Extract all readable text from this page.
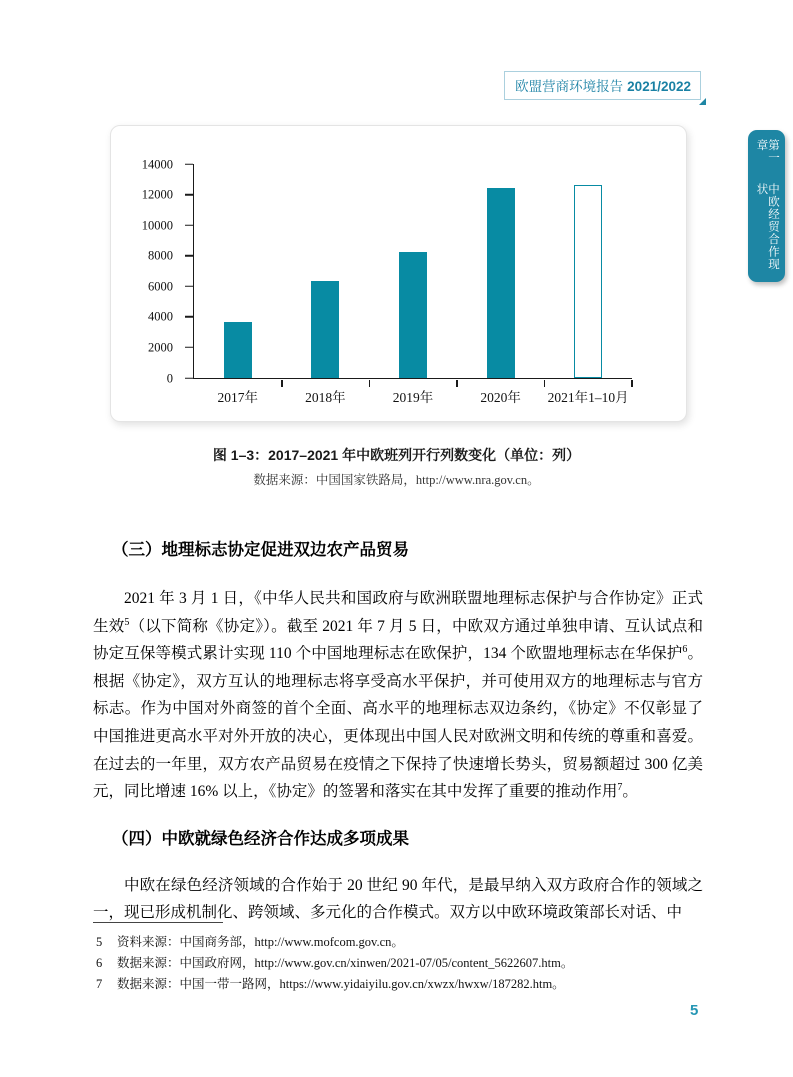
欧盟营商环境报告 2021/2022
第一章
中欧经贸合作现状
2017年	2018年	2019年	2020年 2021年1–10月
0
2000
4000
6000
8000
10000
12000
14000
图 1–3：2017–2021 年中欧班列开行列数变化（单位：列）
数据来源：中国国家铁路局，http://www.nra.gov.cn。
（三）地理标志协定促进双边农产品贸易

2021 年 3 月 1 日，《中华人民共和国政府与欧洲联盟地理标志保护与合作协定》正式生效$^5$（以下简称《协定》）。截至 2021 年 7 月 5 日，中欧双方通过单独申请、互认试点和协定互保等模式累计实现 110 个中国地理标志在欧保护，134 个欧盟地理标志在华保护$^6$。根据《协定》，双方互认的地理标志将享受高水平保护，并可使用双方的地理标志与官方标志。作为中国对外商签的首个全面、高水平的地理标志双边条约，《协定》不仅彰显了中国推进更高水平对外开放的决心，更体现出中国人民对欧洲文明和传统的尊重和喜爱。在过去的一年里，双方农产品贸易在疫情之下保持了快速增长势头，贸易额超过 300 亿美元，同比增速 16% 以上，《协定》的签署和落实在其中发挥了重要的推动作用$^7$。

（四）中欧就绿色经济合作达成多项成果

中欧在绿色经济领域的合作始于 20 世纪 90 年代，是最早纳入双方政府合作的领域之一，现已形成机制化、跨领域、多元化的合作模式。双方以中欧环境政策部长对话、中

5	资料来源：中国商务部，http://www.mofcom.gov.cn。
6	数据来源：中国政府网，http://www.gov.cn/xinwen/2021-07/05/content_5622607.htm。
7	数据来源：中国一带一路网，https://www.yidaiyilu.gov.cn/xwzx/hwxw/187282.htm。
5
